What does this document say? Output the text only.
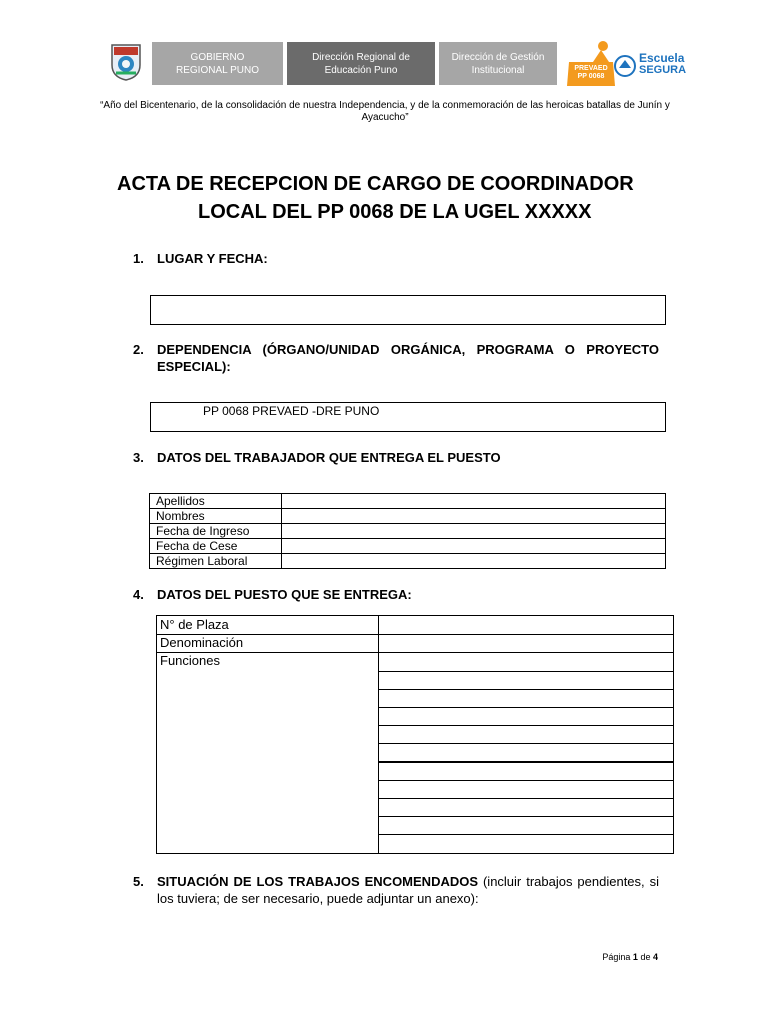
GOBIERNO REGIONAL PUNO
Dirección Regional de Educación Puno
Dirección de Gestión Institucional	PREVAED PP 0068
Escuela
SEGURA
“Año del Bicentenario, de la consolidación de nuestra Independencia, y de la conmemoración de las heroicas batallas de Junín y Ayacucho”
ACTA DE RECEPCION DE CARGO DE COORDINADOR
LOCAL DEL PP 0068 DE LA UGEL XXXXX
1. LUGAR Y FECHA:
2. DEPENDENCIA (ÓRGANO/UNIDAD ORGÁNICA, PROGRAMA O PROYECTO ESPECIAL):
PP 0068 PREVAED -DRE PUNO
3. DATOS DEL TRABAJADOR QUE ENTREGA EL PUESTO
Apellidos	
Nombres	
Fecha de Ingreso	
Fecha de Cese	
Régimen Laboral	
4. DATOS DEL PUESTO QUE SE ENTREGA:
N° de Plaza
Denominación
Funciones
5. SITUACIÓN DE LOS TRABAJOS ENCOMENDADOS (incluir trabajos pendientes, si los tuviera; de ser necesario, puede adjuntar un anexo):
Página 1 de 4
